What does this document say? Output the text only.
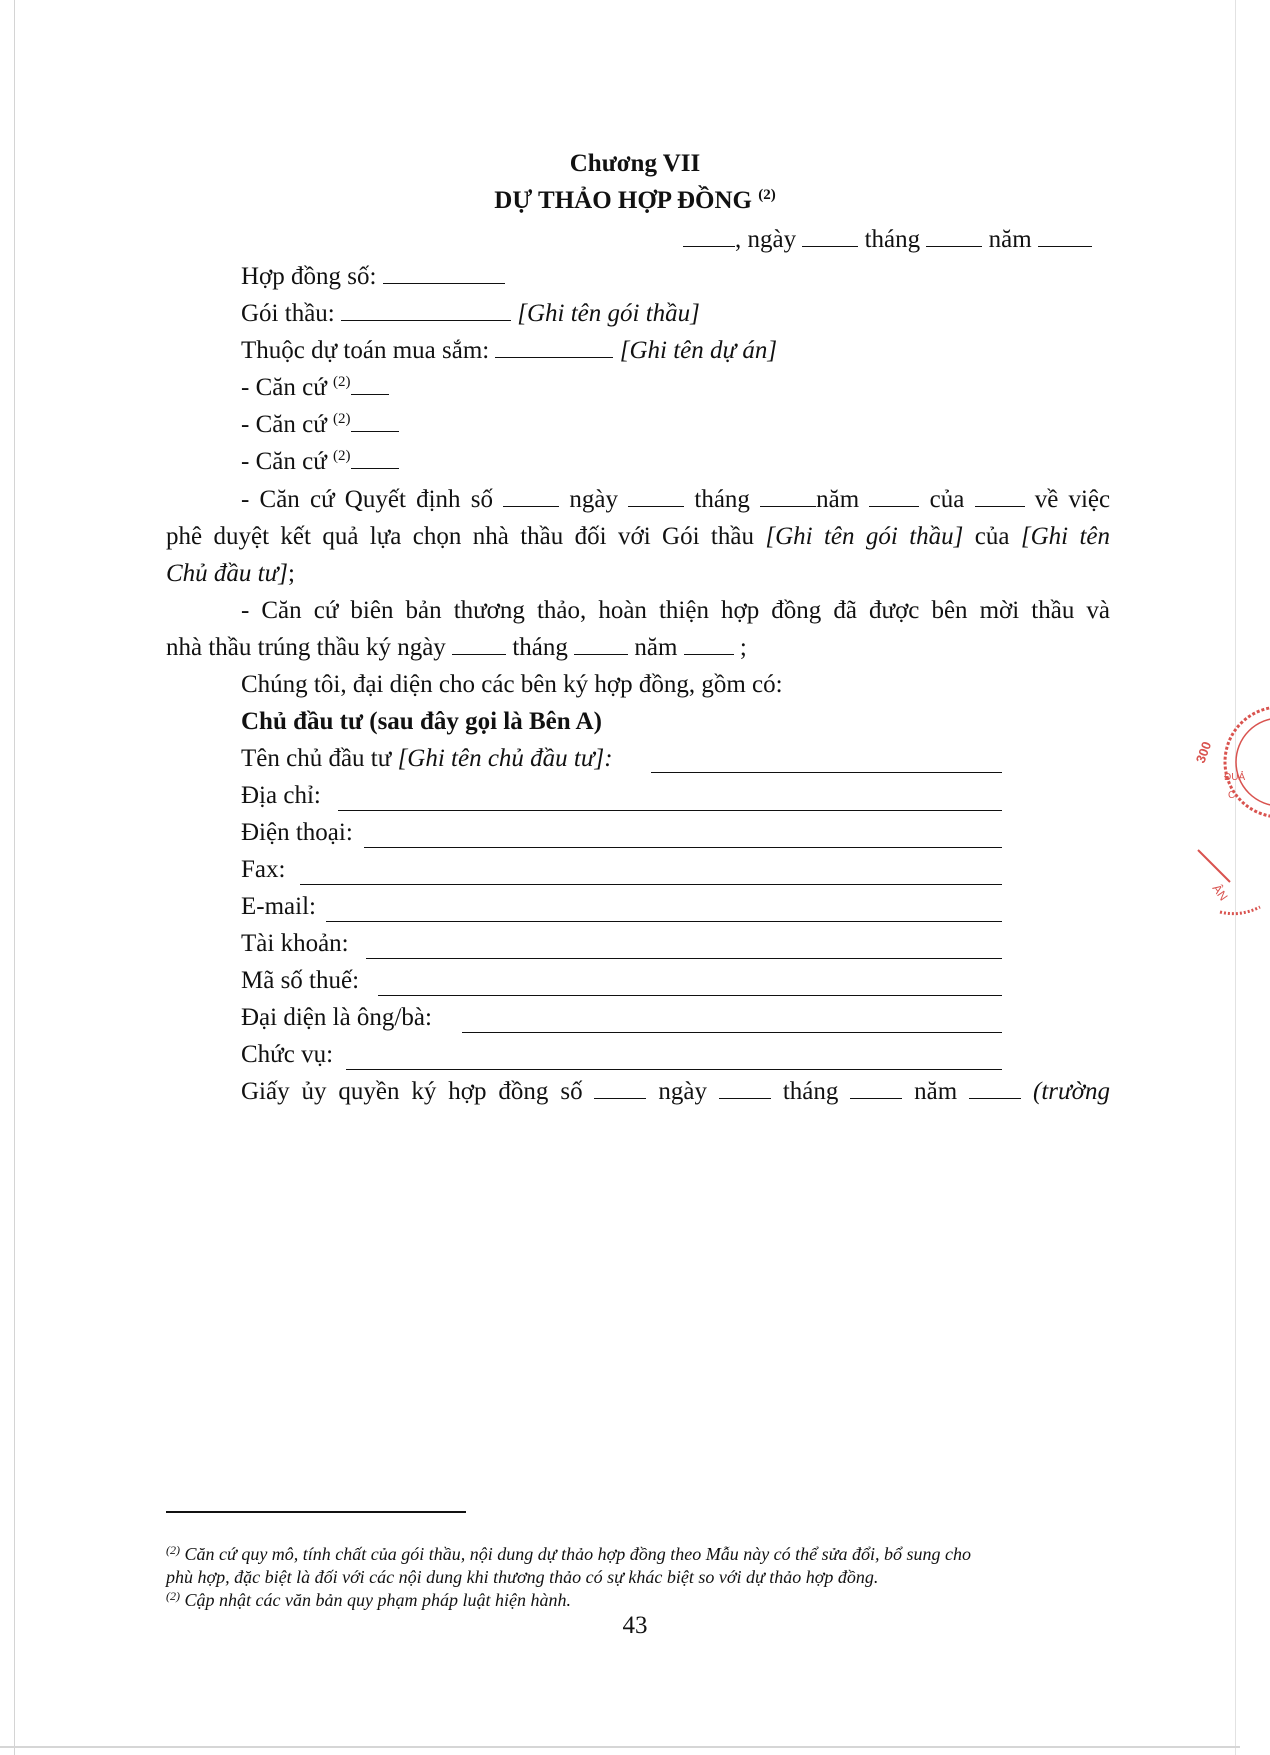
Chương VII
DỰ THẢO HỢP ĐỒNG $^{(2)}$
, ngày	tháng	năm
Hợp đồng số:
Gói thầu:	[Ghi tên gói thầu]
Thuộc dự toán mua sắm:	[Ghi tên dự án]
- Căn cứ $^{(2)}$
- Căn cứ $^{(2)}$
- Căn cứ $^{(2)}$
- Căn cứ Quyết định số	ngày	tháng	năm	của	về việc
phê duyệt kết quả lựa chọn nhà thầu đối với Gói thầu [Ghi tên gói thầu] của [Ghi tên
Chủ đầu tư];
- Căn cứ biên bản thương thảo, hoàn thiện hợp đồng đã được bên mời thầu và
nhà thầu trúng thầu ký ngày	tháng	năm	;
Chúng tôi, đại diện cho các bên ký hợp đồng, gồm có:
Chủ đầu tư (sau đây gọi là Bên A)
Tên chủ đầu tư [Ghi tên chủ đầu tư]:
Địa chỉ:
Điện thoại:
Fax:
E-mail:
Tài khoản:
Mã số thuế:
Đại diện là ông/bà:
Chức vụ:
Giấy ủy quyền ký hợp đồng số	ngày	tháng	năm	(trường
$^{(2)}$ Căn cứ quy mô, tính chất của gói thầu, nội dung dự thảo hợp đồng theo Mẫu này có thể sửa đổi, bổ sung cho
phù hợp, đặc biệt là đối với các nội dung khi thương thảo có sự khác biệt so với dự thảo hợp đồng.
$^{(2)}$ Cập nhật các văn bản quy phạm pháp luật hiện hành.
43
300
ĐUẢ
C
ÂN
